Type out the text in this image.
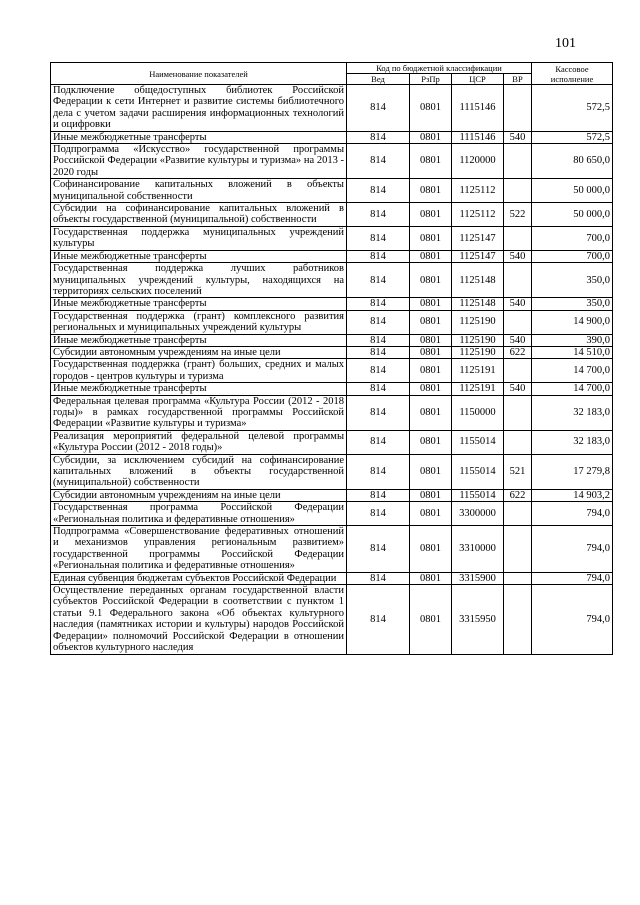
101
Наименование показателей	Код по бюджетной классификации				Кассовое исполнение
	Вед	РзПр	ЦСР	ВР	
Подключение общедоступных библиотек Российской Федерации к сети Интернет и развитие системы библиотечного дела с учетом задачи расширения информационных технологий и оцифровки	814	0801	1115146		572,5
Иные межбюджетные трансферты	814	0801	1115146	540	572,5
Подпрограмма «Искусство» государственной программы Российской Федерации «Развитие культуры и туризма» на 2013 - 2020 годы	814	0801	1120000		80 650,0
Софинансирование капитальных вложений в объекты муниципальной собственности	814	0801	1125112		50 000,0
Субсидии на софинансирование капитальных вложений в объекты государственной (муниципальной) собственности	814	0801	1125112	522	50 000,0
Государственная поддержка муниципальных учреждений культуры	814	0801	1125147		700,0
Иные межбюджетные трансферты	814	0801	1125147	540	700,0
Государственная поддержка лучших работников муниципальных учреждений культуры, находящихся на территориях сельских поселений	814	0801	1125148		350,0
Иные межбюджетные трансферты	814	0801	1125148	540	350,0
Государственная поддержка (грант) комплексного развития региональных и муниципальных учреждений культуры	814	0801	1125190		14 900,0
Иные межбюджетные трансферты	814	0801	1125190	540	390,0
Субсидии автономным учреждениям на иные цели	814	0801	1125190	622	14 510,0
Государственная поддержка (грант) больших, средних и малых городов - центров культуры и туризма	814	0801	1125191		14 700,0
Иные межбюджетные трансферты	814	0801	1125191	540	14 700,0
Федеральная целевая программа «Культура России (2012 - 2018 годы)» в рамках государственной программы Российской Федерации «Развитие культуры и туризма»	814	0801	1150000		32 183,0
Реализация мероприятий федеральной целевой программы «Культура России (2012 - 2018 годы)»	814	0801	1155014		32 183,0
Субсидии, за исключением субсидий на софинансирование капитальных вложений в объекты государственной (муниципальной) собственности	814	0801	1155014	521	17 279,8
Субсидии автономным учреждениям на иные цели	814	0801	1155014	622	14 903,2
Государственная программа Российской Федерации «Региональная политика и федеративные отношения»	814	0801	3300000		794,0
Подпрограмма «Совершенствование федеративных отношений и механизмов управления региональным развитием» государственной программы Российской Федерации «Региональная политика и федеративные отношения»	814	0801	3310000		794,0
Единая субвенция бюджетам субъектов Российской Федерации	814	0801	3315900		794,0
Осуществление переданных органам государственной власти субъектов Российской Федерации в соответствии с пунктом 1 статьи 9.1 Федерального закона «Об объектах культурного наследия (памятниках истории и культуры) народов Российской Федерации» полномочий Российской Федерации в отношении объектов культурного наследия	814	0801	3315950		794,0
